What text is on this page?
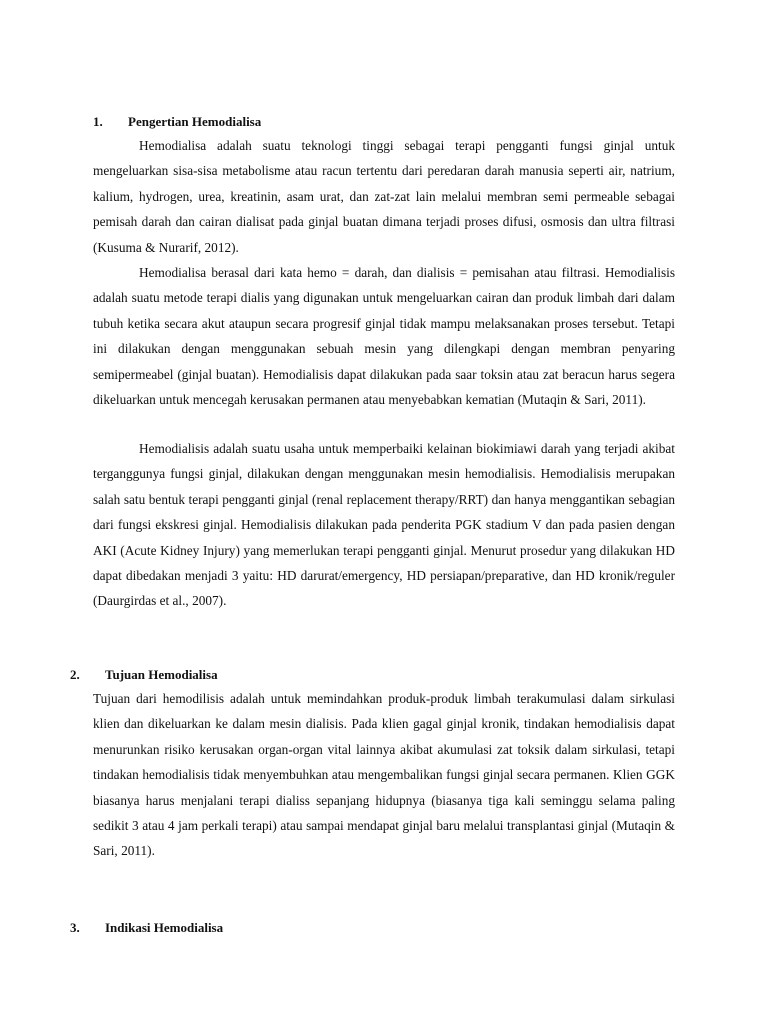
1. Pengertian Hemodialisa

Hemodialisa adalah suatu teknologi tinggi sebagai terapi pengganti fungsi ginjal untuk mengeluarkan sisa-sisa metabolisme atau racun tertentu dari peredaran darah manusia seperti air, natrium, kalium, hydrogen, urea, kreatinin, asam urat, dan zat-zat lain melalui membran semi permeable sebagai pemisah darah dan cairan dialisat pada ginjal buatan dimana terjadi proses difusi, osmosis dan ultra filtrasi (Kusuma & Nurarif, 2012).

Hemodialisa berasal dari kata hemo = darah, dan dialisis = pemisahan atau filtrasi. Hemodialisis adalah suatu metode terapi dialis yang digunakan untuk mengeluarkan cairan dan produk limbah dari dalam tubuh ketika secara akut ataupun secara progresif ginjal tidak mampu melaksanakan proses tersebut. Tetapi ini dilakukan dengan menggunakan sebuah mesin yang dilengkapi dengan membran penyaring semipermeabel (ginjal buatan). Hemodialisis dapat dilakukan pada saar toksin atau zat beracun harus segera dikeluarkan untuk mencegah kerusakan permanen atau menyebabkan kematian (Mutaqin & Sari, 2011).

Hemodialisis adalah suatu usaha untuk memperbaiki kelainan biokimiawi darah yang terjadi akibat terganggunya fungsi ginjal, dilakukan dengan menggunakan mesin hemodialisis. Hemodialisis merupakan salah satu bentuk terapi pengganti ginjal (renal replacement therapy/RRT) dan hanya menggantikan sebagian dari fungsi ekskresi ginjal. Hemodialisis dilakukan pada penderita PGK stadium V dan pada pasien dengan AKI (Acute Kidney Injury) yang memerlukan terapi pengganti ginjal. Menurut prosedur yang dilakukan HD dapat dibedakan menjadi 3 yaitu: HD darurat/emergency, HD persiapan/preparative, dan HD kronik/reguler (Daurgirdas et al., 2007).

2. Tujuan Hemodialisa

Tujuan dari hemodilisis adalah untuk memindahkan produk-produk limbah terakumulasi dalam sirkulasi klien dan dikeluarkan ke dalam mesin dialisis. Pada klien gagal ginjal kronik, tindakan hemodialisis dapat menurunkan risiko kerusakan organ-organ vital lainnya akibat akumulasi zat toksik dalam sirkulasi, tetapi tindakan hemodialisis tidak menyembuhkan atau mengembalikan fungsi ginjal secara permanen. Klien GGK biasanya harus menjalani terapi dialiss sepanjang hidupnya (biasanya tiga kali seminggu selama paling sedikit 3 atau 4 jam perkali terapi) atau sampai mendapat ginjal baru melalui transplantasi ginjal (Mutaqin & Sari, 2011).

3. Indikasi Hemodialisa
